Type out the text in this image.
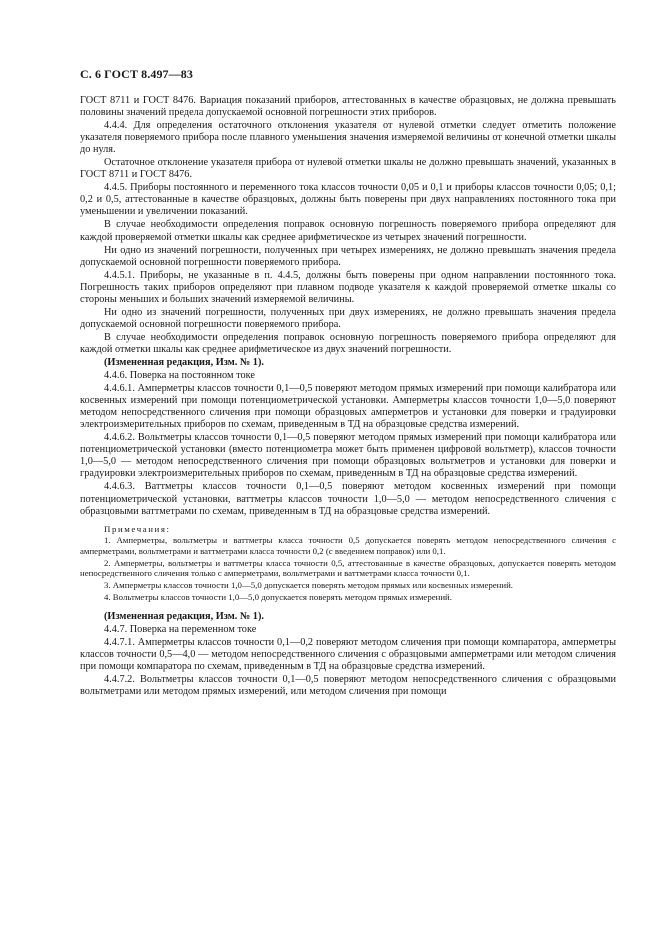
С. 6 ГОСТ 8.497—83

ГОСТ 8711 и ГОСТ 8476. Вариация показаний приборов, аттестованных в качестве образцовых, не должна превышать половины значений предела допускаемой основной погрешности этих приборов.

4.4.4. Для определения остаточного отклонения указателя от нулевой отметки следует отметить положение указателя поверяемого прибора после плавного уменьшения значения измеряемой величины от конечной отметки шкалы до нуля.

Остаточное отклонение указателя прибора от нулевой отметки шкалы не должно превышать значений, указанных в ГОСТ 8711 и ГОСТ 8476.

4.4.5. Приборы постоянного и переменного тока классов точности 0,05 и 0,1 и приборы классов точности 0,05; 0,1; 0,2 и 0,5, аттестованные в качестве образцовых, должны быть поверены при двух направлениях постоянного тока при уменьшении и увеличении показаний.

В случае необходимости определения поправок основную погрешность поверяемого прибора определяют для каждой проверяемой отметки шкалы как среднее арифметическое из четырех значений погрешности.

Ни одно из значений погрешности, полученных при четырех измерениях, не должно превышать значения предела допускаемой основной погрешности поверяемого прибора.

4.4.5.1. Приборы, не указанные в п. 4.4.5, должны быть поверены при одном направлении постоянного тока. Погрешность таких приборов определяют при плавном подводе указателя к каждой проверяемой отметке шкалы со стороны меньших и больших значений измеряемой величины.

Ни одно из значений погрешности, полученных при двух измерениях, не должно превышать значения предела допускаемой основной погрешности поверяемого прибора.

В случае необходимости определения поправок основную погрешность поверяемого прибора определяют для каждой отметки шкалы как среднее арифметическое из двух значений погрешности.

(Измененная редакция, Изм. № 1).

4.4.6. Поверка на постоянном токе

4.4.6.1. Амперметры классов точности 0,1—0,5 поверяют методом прямых измерений при помощи калибратора или косвенных измерений при помощи потенциометрической установки. Амперметры классов точности 1,0—5,0 поверяют методом непосредственного сличения при помощи образцовых амперметров и установки для поверки и градуировки электроизмерительных приборов по схемам, приведенным в ТД на образцовые средства измерений.

4.4.6.2. Вольтметры классов точности 0,1—0,5 поверяют методом прямых измерений при помощи калибратора или потенциометрической установки (вместо потенциометра может быть применен цифровой вольтметр), классов точности 1,0—5,0 — методом непосредственного сличения при помощи образцовых вольтметров и установки для поверки и градуировки электроизмерительных приборов по схемам, приведенным в ТД на образцовые средства измерений.

4.4.6.3. Ваттметры классов точности 0,1—0,5 поверяют методом косвенных измерений при помощи потенциометрической установки, ваттметры классов точности 1,0—5,0 — методом непосредственного сличения с образцовыми ваттметрами по схемам, приведенным в ТД на образцовые средства измерений.

Примечания:

1. Амперметры, вольтметры и ваттметры класса точности 0,5 допускается поверять методом непосредственного сличения с амперметрами, вольтметрами и ваттметрами класса точности 0,2 (с введением поправок) или 0,1.

2. Амперметры, вольтметры и ваттметры класса точности 0,5, аттестованные в качестве образцовых, допускается поверять методом непосредственного сличения только с амперметрами, вольтметрами и ваттметрами класса точности 0,1.

3. Амперметры классов точности 1,0—5,0 допускается поверять методом прямых или косвенных измерений.

4. Вольтметры классов точности 1,0—5,0 допускается поверять методом прямых измерений.

(Измененная редакция, Изм. № 1).

4.4.7. Поверка на переменном токе

4.4.7.1. Амперметры классов точности 0,1—0,2 поверяют методом сличения при помощи компаратора, амперметры классов точности 0,5—4,0 — методом непосредственного сличения с образцовыми амперметрами или методом сличения при помощи компаратора по схемам, приведенным в ТД на образцовые средства измерений.

4.4.7.2. Вольтметры классов точности 0,1—0,5 поверяют методом непосредственного сличения с образцовыми вольтметрами или методом прямых измерений, или методом сличения при помощи
